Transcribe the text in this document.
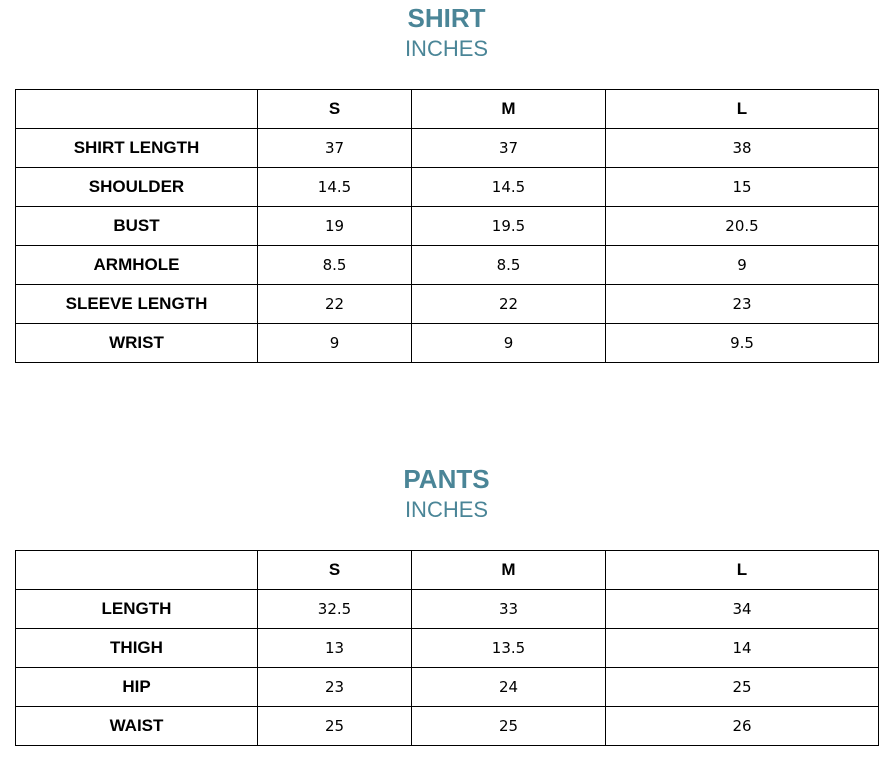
SHIRT
INCHES
	S	M	L
SHIRT LENGTH	37	37	38
SHOULDER	14.5	14.5	15
BUST	19	19.5	20.5
ARMHOLE	8.5	8.5	9
SLEEVE LENGTH	22	22	23
WRIST	9	9	9.5
PANTS
INCHES
	S	M	L
LENGTH	32.5	33	34
THIGH	13	13.5	14
HIP	23	24	25
WAIST	25	25	26
